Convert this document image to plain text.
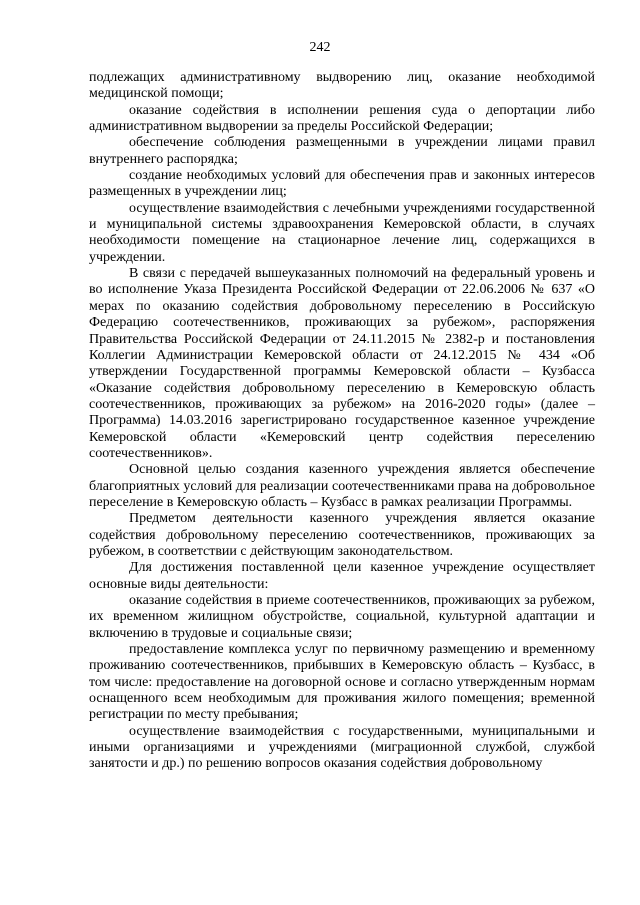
242

подлежащих административному выдворению лиц, оказание необходимой медицинской помощи;

оказание содействия в исполнении решения суда о депортации либо административном выдворении за пределы Российской Федерации;

обеспечение соблюдения размещенными в учреждении лицами правил внутреннего распорядка;

создание необходимых условий для обеспечения прав и законных интересов размещенных в учреждении лиц;

осуществление взаимодействия с лечебными учреждениями государственной и муниципальной системы здравоохранения Кемеровской области, в случаях необходимости помещение на стационарное лечение лиц, содержащихся в учреждении.

В связи с передачей вышеуказанных полномочий на федеральный уровень и во исполнение Указа Президента Российской Федерации от 22.06.2006 № 637 «О мерах по оказанию содействия добровольному переселению в Российскую Федерацию соотечественников, проживающих за рубежом», распоряжения Правительства Российской Федерации от 24.11.2015 № 2382-р и постановления Коллегии Администрации Кемеровской области от 24.12.2015 № 434 «Об утверждении Государственной программы Кемеровской области – Кузбасса «Оказание содействия добровольному переселению в Кемеровскую область соотечественников, проживающих за рубежом» на 2016-2020 годы» (далее – Программа) 14.03.2016 зарегистрировано государственное казенное учреждение Кемеровской области «Кемеровский центр содействия переселению соотечественников».

Основной целью создания казенного учреждения является обеспечение благоприятных условий для реализации соотечественниками права на добровольное переселение в Кемеровскую область – Кузбасс в рамках реализации Программы.

Предметом деятельности казенного учреждения является оказание содействия добровольному переселению соотечественников, проживающих за рубежом, в соответствии с действующим законодательством.

Для достижения поставленной цели казенное учреждение осуществляет основные виды деятельности:

оказание содействия в приеме соотечественников, проживающих за рубежом, их временном жилищном обустройстве, социальной, культурной адаптации и включению в трудовые и социальные связи;

предоставление комплекса услуг по первичному размещению и временному проживанию соотечественников, прибывших в Кемеровскую область – Кузбасс, в том числе: предоставление на договорной основе и согласно утвержденным нормам оснащенного всем необходимым для проживания жилого помещения; временной регистрации по месту пребывания;

осуществление взаимодействия с государственными, муниципальными и иными организациями и учреждениями (миграционной службой, службой занятости и др.) по решению вопросов оказания содействия добровольному
